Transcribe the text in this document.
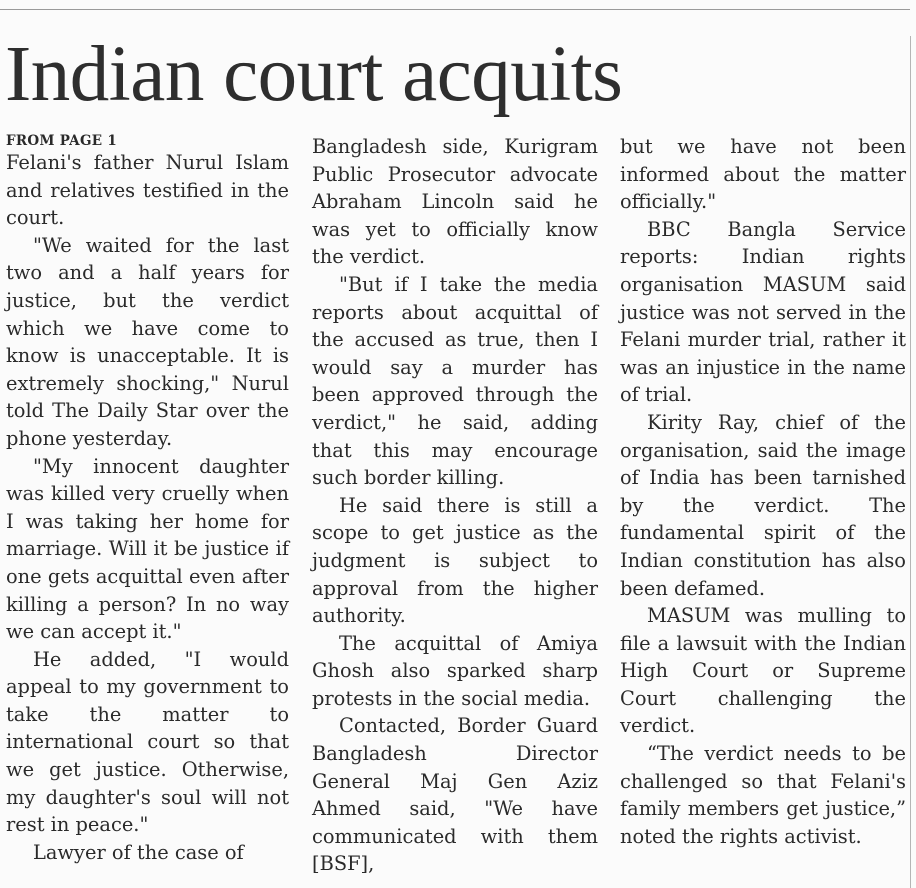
Indian court acquits
FROM PAGE 1

Felani's father Nurul Islam and relatives testified in the court.

"We waited for the last two and a half years for justice, but the verdict which we have come to know is unacceptable. It is extremely shocking," Nurul told The Daily Star over the phone yesterday.

"My innocent daughter was killed very cruelly when I was taking her home for marriage. Will it be justice if one gets acquittal even after killing a person? In no way we can accept it."

He added, "I would appeal to my government to take the matter to international court so that we get justice. Otherwise, my daughter's soul will not rest in peace."

Lawyer of the case of

Bangladesh side, Kurigram Public Prosecutor advocate Abraham Lincoln said he was yet to officially know the verdict.

"But if I take the media reports about acquittal of the accused as true, then I would say a murder has been approved through the verdict," he said, adding that this may encourage such border killing.

He said there is still a scope to get justice as the judgment is subject to approval from the higher authority.

The acquittal of Amiya Ghosh also sparked sharp protests in the social media.

Contacted, Border Guard Bangladesh Director General Maj Gen Aziz Ahmed said, "We have communicated with them [BSF],

but we have not been informed about the matter officially."

BBC Bangla Service reports: Indian rights organisation MASUM said justice was not served in the Felani murder trial, rather it was an injustice in the name of trial.

Kirity Ray, chief of the organisation, said the image of India has been tarnished by the verdict. The fundamental spirit of the Indian constitution has also been defamed.

MASUM was mulling to file a lawsuit with the Indian High Court or Supreme Court challenging the verdict.

“The verdict needs to be challenged so that Felani's family members get justice,” noted the rights activist.
